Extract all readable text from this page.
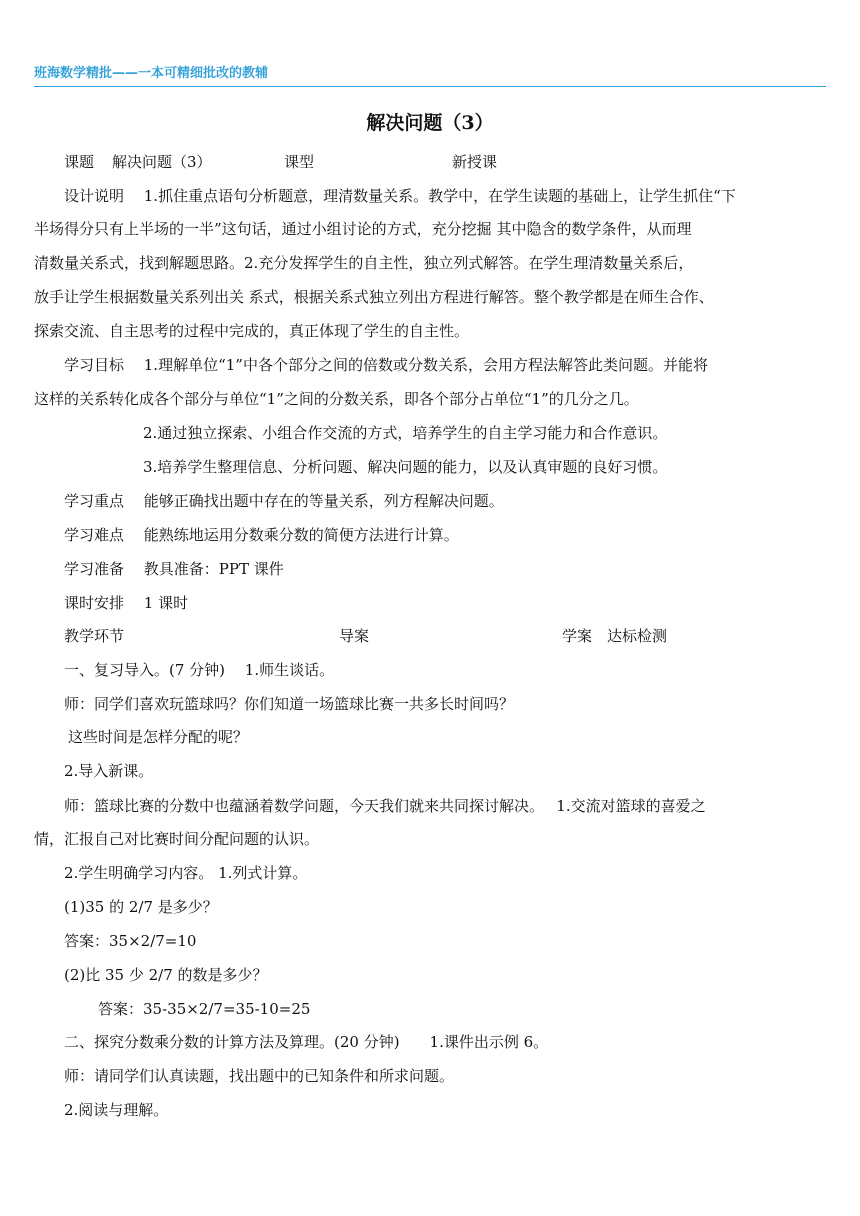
班海数学精批——一本可精细批改的教辅
解决问题（3）
课题 解决问题（3）	课型	新授课
设计说明　 1.抓住重点语句分析题意，理清数量关系。教学中，在学生读题的基础上，让学生抓住“下
半场得分只有上半场的一半”这句话，通过小组讨论的方式，充分挖掘 其中隐含的数学条件，从而理
清数量关系式，找到解题思路。2.充分发挥学生的自主性，独立列式解答。在学生理清数量关系后，
放手让学生根据数量关系列出关 系式，根据关系式独立列出方程进行解答。整个教学都是在师生合作、
探索交流、自主思考的过程中完成的，真正体现了学生的自主性。
学习目标　 1.理解单位“1”中各个部分之间的倍数或分数关系，会用方程法解答此类问题。并能将
这样的关系转化成各个部分与单位“1”之间的分数关系，即各个部分占单位“1”的几分之几。
2.通过独立探索、小组合作交流的方式，培养学生的自主学习能力和合作意识。
3.培养学生整理信息、分析问题、解决问题的能力，以及认真审题的良好习惯。
学习重点　 能够正确找出题中存在的等量关系，列方程解决问题。
学习难点　 能熟练地运用分数乘分数的简便方法进行计算。
学习准备　 教具准备：PPT 课件
课时安排　 1 课时
教学环节	导案	学案　达标检测
一、复习导入。(7 分钟)　 1.师生谈话。
师：同学们喜欢玩篮球吗？你们知道一场篮球比赛一共多长时间吗？
这些时间是怎样分配的呢？
2.导入新课。
师：篮球比赛的分数中也蕴涵着数学问题，今天我们就来共同探讨解决。　 1.交流对篮球的喜爱之
情，汇报自己对比赛时间分配问题的认识。
2.学生明确学习内容。 1.列式计算。
(1)35 的 2/7 是多少？
答案：35×2/7=10
(2)比 35 少 2/7 的数是多少？
答案：35-35×2/7=35-10=25
二、探究分数乘分数的计算方法及算理。(20 分钟)　　1.课件出示例 6。
师：请同学们认真读题，找出题中的已知条件和所求问题。
2.阅读与理解。
